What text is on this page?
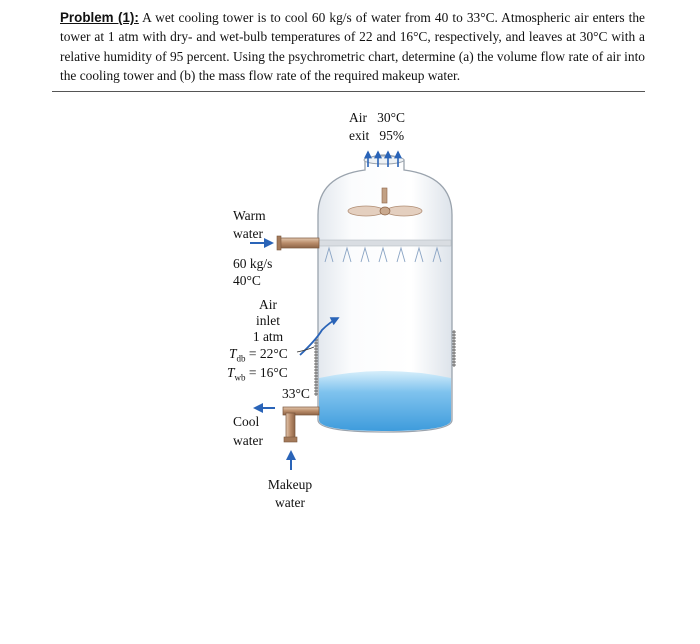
Problem (1): A wet cooling tower is to cool 60 kg/s of water from 40 to 33°C. Atmospheric air enters the tower at 1 atm with dry- and wet-bulb temperatures of 22 and 16°C, respectively, and leaves at 30°C with a relative humidity of 95 percent. Using the psychrometric chart, determine (a) the volume flow rate of air into the cooling tower and (b) the mass flow rate of the required makeup water.
Air   30°C
exit   95%
Warm
water
60 kg/s
40°C
Air
inlet
1 atm
$T_{db} = 22^\circ C$
$T_{wb} = 16^\circ C$
33°C
Cool
water
Makeup
water
